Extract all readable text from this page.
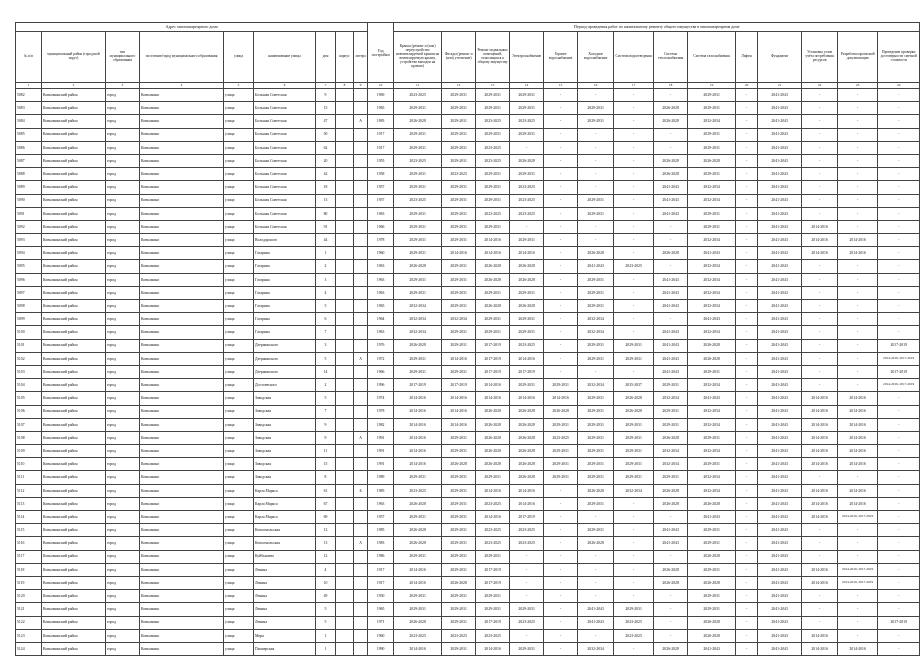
Адрес многоквартирного дома									Год постройки	Период проведения работ по капитальному ремонту общего имущества в многоквартирном доме													
№ п/п	муниципальный район (городской округ)	тип муниципального образования	поселение/город муниципального образования	улица	наименование улицы	дом	корпус	литера		Крыша (ремонт и (или) переустройство невентилируемой крыши на вентилируемую крышу, устройство выходов на кровлю)	Фасады (ремонт и (или) утепление)	Ремонт подвальных помещений, относящихся к общему имуществу	Электроснабжение	Горячее водоснабжение	Холодное водоснабжение	Система водоотведения	Система теплоснабжения	Система газоснабжения	Лифты	Фундамент	Установка узлов учёта потребления ресурсов	Разработка проектной документации	Проведение проверки достоверности сметной стоимости
1	2	3	4	5	6	7	8	9	10	11	12	13	14	15	16	17	18	19	20	21	22	23	24
5082	Ковылкинский район	город	Ковылкино	улица	Большая Советская	9			1969	2023-2025	2029-2031	2029-2031	2029-2031	-	-	-	-	2029-2031	-	2041-2043	-	-	-
5083	Ковылкинский район	город	Ковылкино	улица	Большая Советская	15			1965	2029-2031	2029-2031	2029-2031	2029-2031	-	2029-2031	-	2026-2028	2029-2031	-	2041-2043	-	-	-
5084	Ковылкинский район	город	Ковылкино	улица	Большая Советская	47		А	1983	2026-2028	2029-2031	2023-2025	2023-2025	-	2029-2031	-	2026-2028	2032-2034	-	2041-2043	-	-	-
5085	Ковылкинский район	город	Ковылкино	улица	Большая Советская	50			1917	2029-2031	2029-2031	2029-2031	2029-2031	-	-	-	-	2029-2031	-	2041-2043	-	-	-
5086	Ковылкинский район	город	Ковылкино	улица	Большая Советская	62			1917	2029-2031	2029-2031	2023-2025	-	-	-	-	-	2029-2031	-	2041-2043	-	-	-
5087	Ковылкинский район	город	Ковылкино	улица	Большая Советская	20			1955	2023-2025	2029-2031	2023-2025	2026-2028	-	-	-	2026-2028	2026-2028	-	2041-2043	-	-	-
5088	Ковылкинский район	город	Ковылкино	улица	Большая Советская	42			1958	2029-2031	2023-2025	2029-2031	2029-2031	-	-	-	2026-2028	2029-2031	-	2041-2043	-	-	-
5089	Ковылкинский район	город	Ковылкино	улица	Большая Советская	18			1957	2029-2031	2029-2031	2029-2031	2023-2025	-	-	-	2041-2043	2032-2034	-	2041-2043	-	-	-
5090	Ковылкинский район	город	Ковылкино	улица	Большая Советская	13			1957	2023-2025	2029-2031	2029-2031	2023-2025	-	2029-2031	-	2041-2043	2032-2034	-	2041-2043	-	-	-
5091	Ковылкинский район	город	Ковылкино	улица	Большая Советская	80			1963	2029-2031	2029-2031	2023-2025	2023-2025	-	2029-2031	-	2041-2043	2029-2031	-	2041-2043	-	-	-
5092	Ковылкинский район	город	Ковылкино	улица	Большая Советская	91			1966	2029-2031	2029-2031	2029-2031	-	-	-	-	-	2029-2031	-	2041-2043	2014-2016	-	-
5093	Ковылкинский район	город	Ковылкино	улица	Володарского	44			1978	2029-2031	2029-2031	2014-2016	2029-2031	-	-	-	-	2032-2034	-	2041-2043	2014-2016	2014-2016	-
5094	Ковылкинский район	город	Ковылкино	улица	Гагарина	1			1960	2029-2031	2014-2016	2014-2016	2014-2016	-	2026-2028	-	2026-2028	2041-2043	-	2041-2043	2014-2016	2014-2016	-
5095	Ковылкинский район	город	Ковылкино	улица	Гагарина	2			1963	2026-2028	2029-2031	2026-2028	2026-2028	-	2041-2043	2023-2025	-	2032-2034	-	2041-2043	-	-	-
5096	Ковылкинский район	город	Ковылкино	улица	Гагарина	3			1963	2029-2031	2029-2031	2026-2028	2026-2028	-	2029-2031	-	2041-2043	2032-2034	-	2041-2043	-	-	-
5097	Ковылкинский район	город	Ковылкино	улица	Гагарина	4			1963	2029-2031	2029-2031	2029-2031	2029-2031	-	2029-2031	-	2041-2043	2032-2034	-	2041-2043	-	-	-
5098	Ковылкинский район	город	Ковылкино	улица	Гагарина	5			1965	2032-2034	2029-2031	2026-2028	2026-2028	-	2029-2031	-	2041-2043	2032-2034	-	2041-2043	-	-	-
5099	Ковылкинский район	город	Ковылкино	улица	Гагарина	6			1964	2032-2034	2032-2034	2029-2031	2029-2031	-	2032-2034	-	-	2041-2043	-	2041-2043	-	-	-
5100	Ковылкинский район	город	Ковылкино	улица	Гагарина	7			1963	2032-2034	2029-2031	2029-2031	2029-2031	-	2032-2034	-	2041-2043	2032-2034	-	2041-2043	-	-	-
5101	Ковылкинский район	город	Ковылкино	улица	Дзержинского	3			1976	2026-2028	2029-2031	2017-2019	2023-2025	-	2029-2031	2029-2031	2041-2043	2026-2028	-	2041-2043	-	-	2017-2019
5102	Ковылкинский район	город	Ковылкино	улица	Дзержинского	5		А	1972	2029-2031	2014-2016	2017-2019	2014-2016	-	2029-2031	2029-2031	2041-2043	2026-2028	-	2041-2043	-	-	2014-2016, 2017-2019
5103	Ковылкинский район	город	Ковылкино	улица	Дзержинского	14			1966	2029-2031	2029-2031	2017-2019	2017-2019	-	-	-	2041-2043	2029-2031	-	2041-2043	-	-	2017-2019
5104	Ковылкинский район	город	Ковылкино	улица	Достоевского	2			1996	2017-2019	2017-2019	2014-2016	2029-2031	2029-2031	2032-2034	2035-2037	2029-2031	2032-2034	-	2041-2043	-	-	2014-2016, 2017-2019
5105	Ковылкинский район	город	Ковылкино	улица	Заводская	5			1974	2014-2016	2014-2016	2014-2016	2014-2016	2014-2016	2029-2031	2026-2028	2032-2034	2041-2043	-	2041-2043	2014-2016	2014-2016	-
5106	Ковылкинский район	город	Ковылкино	улица	Заводская	7			1978	2014-2016	2014-2016	2026-2028	2026-2028	2026-2028	2029-2031	2026-2028	2029-2031	2032-2034	-	2041-2043	2014-2016	2014-2016	-
5107	Ковылкинский район	город	Ковылкино	улица	Заводская	9			1982	2014-2016	2014-2016	2026-2028	2026-2028	2029-2031	2029-2031	2029-2031	2029-2031	2032-2034	-	2041-2043	2014-2016	2014-2016	-
5108	Ковылкинский район	город	Ковылкино	улица	Заводская	9		А	1991	2014-2016	2029-2031	2026-2028	2026-2028	2023-2025	2029-2031	2029-2031	2026-2028	2029-2031	-	2041-2043	2014-2016	2014-2016	-
5109	Ковылкинский район	город	Ковылкино	улица	Заводская	11			1991	2014-2016	2029-2031	2026-2028	2026-2028	2029-2031	2029-2031	2029-2031	2032-2034	2032-2034	-	2041-2043	2014-2016	2014-2016	-
5110	Ковылкинский район	город	Ковылкино	улица	Заводская	15			1991	2014-2016	2026-2028	2026-2028	2026-2028	2029-2031	2029-2031	2029-2031	2032-2034	2029-2031	-	2041-2043	2014-2016	2014-2016	-
5111	Ковылкинский район	город	Ковылкино	улица	Заводская	8			1989	2029-2031	2029-2031	2029-2031	2026-2028	2029-2031	2029-2031	2029-2031	2029-2031	2032-2034	-	2041-2043	-	-	-
5112	Ковылкинский район	город	Ковылкино	улица	Карла Маркса	61		Б	1985	2023-2025	2029-2031	2014-2016	2014-2016	-	2026-2028	2032-2034	2026-2028	2032-2034	-	2041-2043	2014-2016	2014-2016	-
5113	Ковылкинский район	город	Ковылкино	улица	Карла Маркса	67			1963	2026-2028	2029-2031	2023-2025	2014-2016	-	2029-2031	-	2026-2028	2026-2028	-	2041-2043	2014-2016	2014-2016	-
5114	Ковылкинский район	город	Ковылкино	улица	Карла Маркса	69			1957	2029-2031	2029-2031	2014-2016	2017-2019	-	-	-	-	2041-2043	-	2041-2043	2014-2016	2014-2016, 2017-2019	-
5115	Ковылкинский район	город	Ковылкино	улица	Комсомольская	12			1985	2026-2028	2029-2031	2023-2025	2023-2025	-	2029-2031	-	2041-2043	2029-2031	-	2041-2043	-	-	-
5116	Ковылкинский район	город	Ковылкино	улица	Комсомольская	13		А	1983	2026-2028	2029-2031	2023-2025	2023-2025	-	2026-2028	-	2041-2043	2029-2031	-	2041-2043	-	-	-
5117	Ковылкинский район	город	Ковылкино	улица	Куйбышева	12			1986	2029-2031	2029-2031	2029-2031	-	-	-	-	-	2026-2028	-	2041-2043	-	-	-
5118	Ковылкинский район	город	Ковылкино	улица	Ленина	4			1917	2014-2016	2029-2031	2017-2019	-	-	-	-	2026-2028	2029-2031	-	2041-2043	2014-2016	2014-2016, 2017-2019	-
5119	Ковылкинский район	город	Ковылкино	улица	Ленина	10			1917	2014-2016	2026-2028	2017-2019	-	-	-	-	2026-2028	2026-2028	-	2041-2043	2014-2016	2014-2016, 2017-2019	-
5120	Ковылкинский район	город	Ковылкино	улица	Ленина	49			1930	2029-2031	2029-2031	2029-2031	-	-	-	-	-	2029-2031	-	2041-2043	-	-	-
5121	Ковылкинский район	город	Ковылкино	улица	Ленина	5			1965	2029-2031	2029-2031	2029-2031	2029-2031	-	2041-2043	2029-2031	-	2029-2031	-	2041-2043	-	-	-
5122	Ковылкинский район	город	Ковылкино	улица	Ленина	5			1971	2026-2028	2029-2031	2017-2019	2023-2025	-	2041-2043	2023-2025	-	2026-2028	-	2041-2043	-	-	2017-2019
5123	Ковылкинский район	город	Ковылкино	улица	Мира	1			1960	2023-2025	2023-2025	2023-2025	-	-	-	2023-2025	-	2026-2028	-	2041-2043	2014-2016	-	-
5124	Ковылкинский район	город	Ковылкино	улица	Пионерская	1			1990	2014-2016	2029-2031	2014-2016	2029-2031	-	2032-2034	-	2026-2028	2041-2043	-	2041-2043	2014-2016	2014-2016	-
